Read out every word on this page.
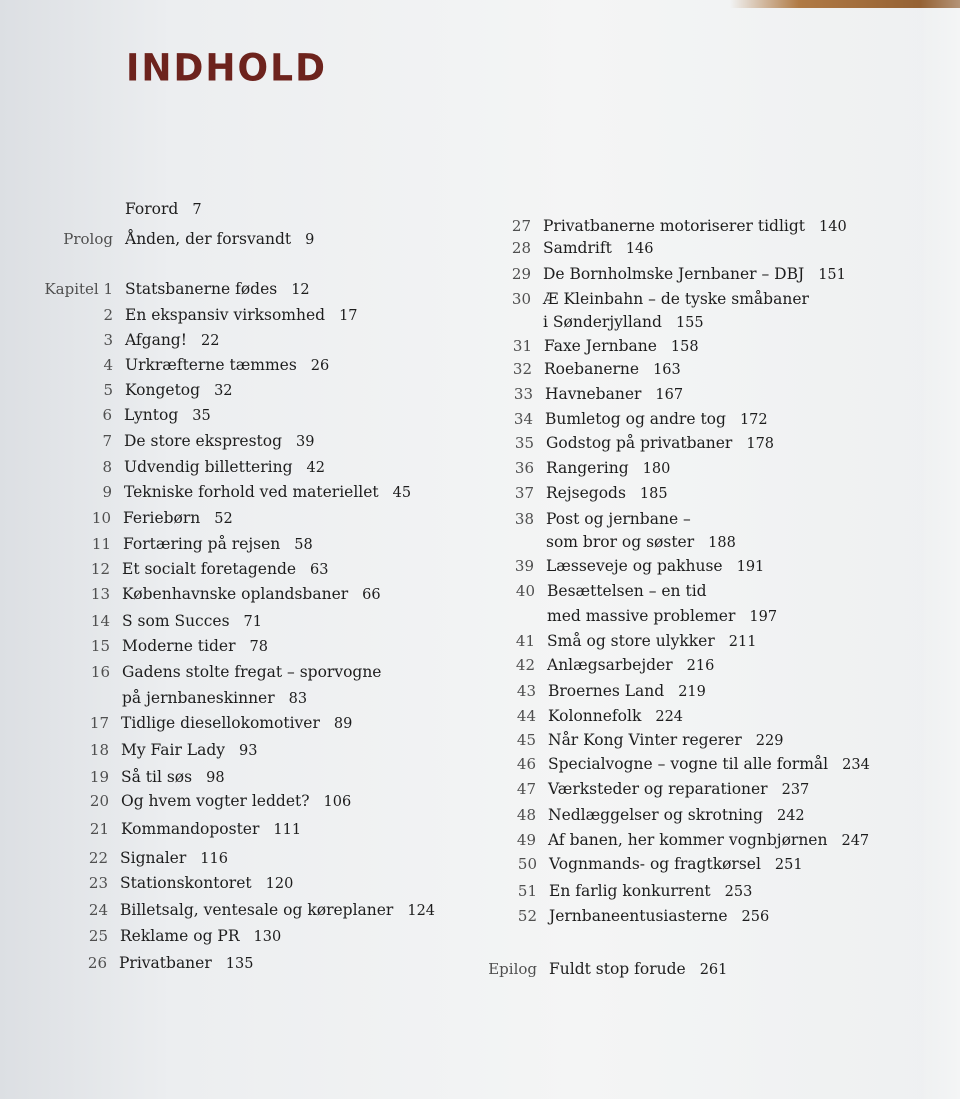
INDHOLD
Forord 7
Prolog Ånden, der forsvandt 9
Kapitel 1 Statsbanerne fødes 12
2 En ekspansiv virksomhed 17
3 Afgang! 22
4 Urkræfterne tæmmes 26
5 Kongetog 32
6 Lyntog 35
7 De store eksprestog 39
8 Udvendig billettering 42
9 Tekniske forhold ved materiellet 45
10 Feriebørn 52
11 Fortæring på rejsen 58
12 Et socialt foretagende 63
13 Københavnske oplandsbaner 66
14 S som Succes 71
15 Moderne tider 78
16 Gadens stolte fregat – sporvogne
på jernbaneskinner 83
17 Tidlige diesellokomotiver 89
18 My Fair Lady 93
19 Så til søs 98
20 Og hvem vogter leddet? 106
21 Kommandoposter 111
22 Signaler 116
23 Stationskontoret 120
24 Billetsalg, ventesale og køreplaner 124
25 Reklame og PR 130
26 Privatbaner 135
27 Privatbanerne motoriserer tidligt 140
28 Samdrift 146
29 De Bornholmske Jernbaner – DBJ 151
30 Æ Kleinbahn – de tyske småbaner
i Sønderjylland 155
31 Faxe Jernbane 158
32 Roebanerne 163
33 Havnebaner 167
34 Bumletog og andre tog 172
35 Godstog på privatbaner 178
36 Rangering 180
37 Rejsegods 185
38 Post og jernbane –
som bror og søster 188
39 Læsseveje og pakhuse 191
40 Besættelsen – en tid
med massive problemer 197
41 Små og store ulykker 211
42 Anlægsarbejder 216
43 Broernes Land 219
44 Kolonnefolk 224
45 Når Kong Vinter regerer 229
46 Specialvogne – vogne til alle formål 234
47 Værksteder og reparationer 237
48 Nedlæggelser og skrotning 242
49 Af banen, her kommer vognbjørnen 247
50 Vognmands- og fragtkørsel 251
51 En farlig konkurrent 253
52 Jernbaneentusiasterne 256
Epilog Fuldt stop forude 261
